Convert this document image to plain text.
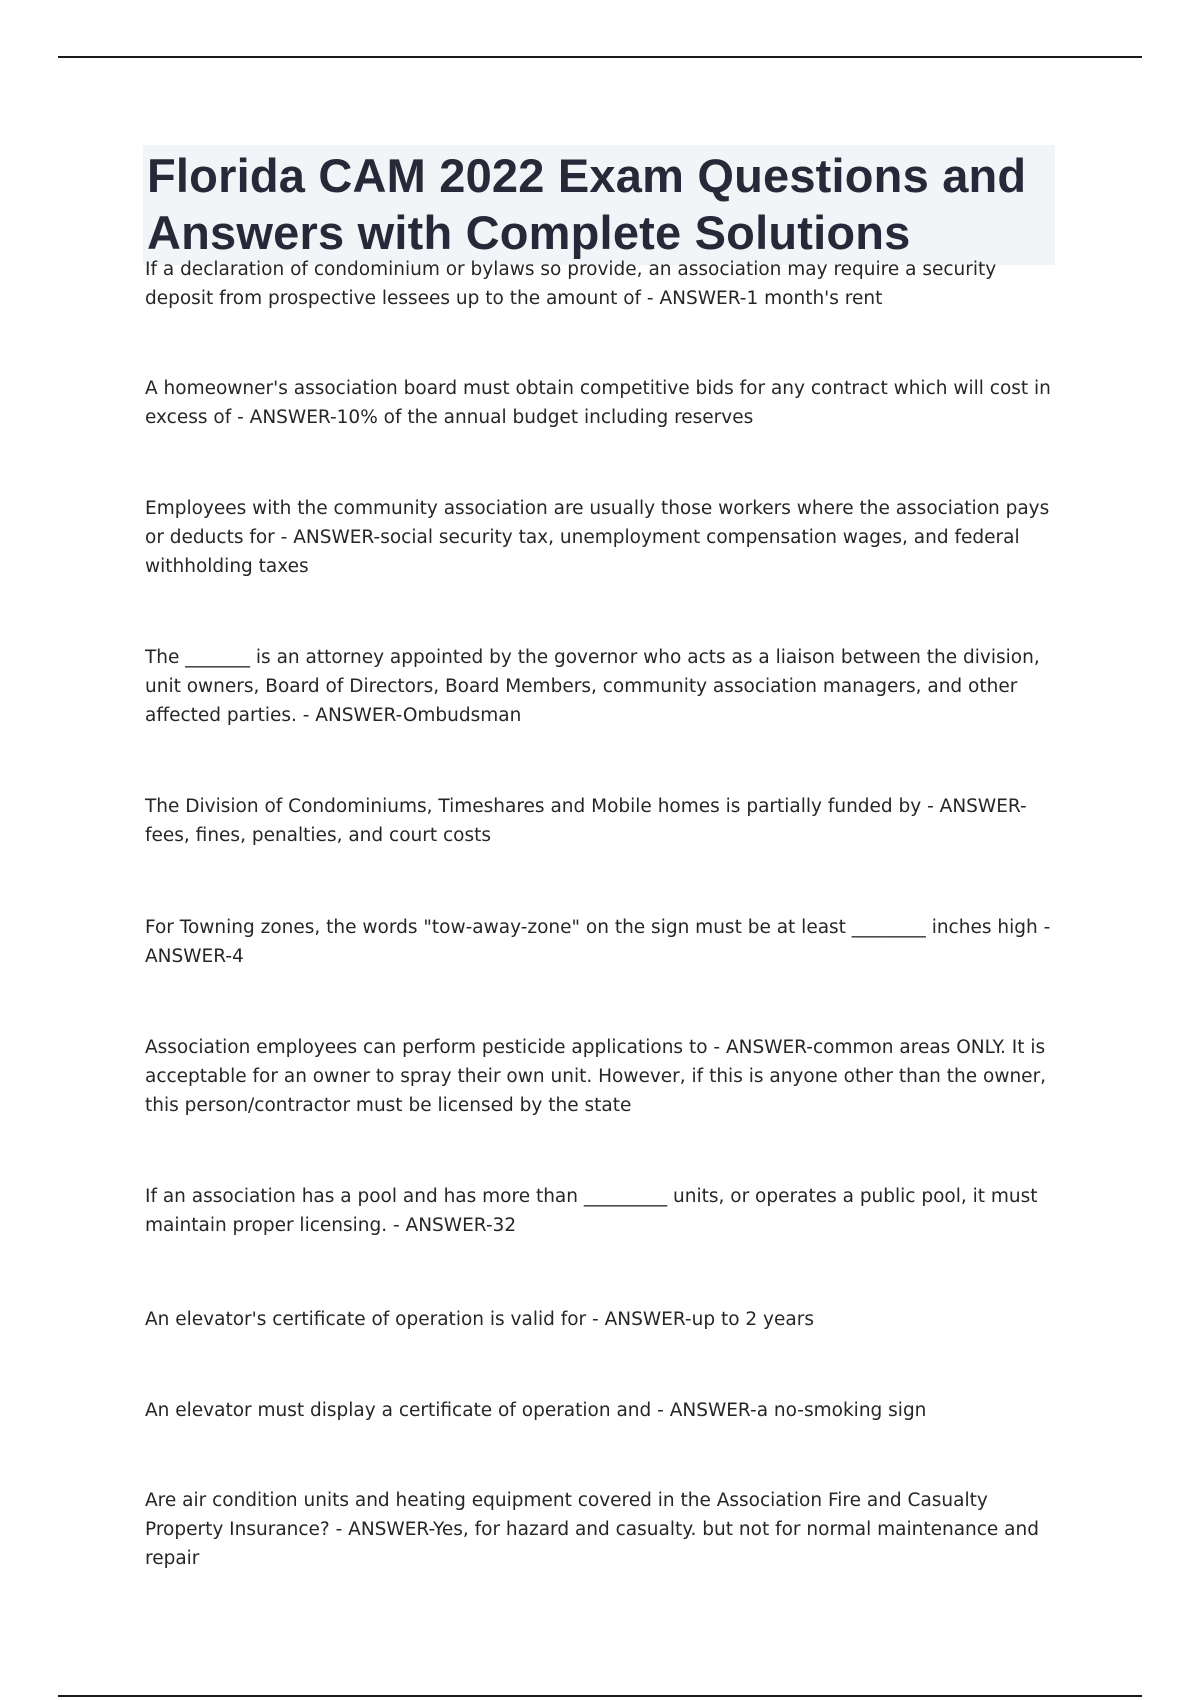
Florida CAM 2022 Exam Questions and Answers with Complete Solutions

If a declaration of condominium or bylaws so provide, an association may require a security deposit from prospective lessees up to the amount of - ANSWER-1 month's rent

A homeowner's association board must obtain competitive bids for any contract which will cost in excess of - ANSWER-10% of the annual budget including reserves

Employees with the community association are usually those workers where the association pays or deducts for - ANSWER-social security tax, unemployment compensation wages, and federal withholding taxes

The _______ is an attorney appointed by the governor who acts as a liaison between the division, unit owners, Board of Directors, Board Members, community association managers, and other affected parties. - ANSWER-Ombudsman

The Division of Condominiums, Timeshares and Mobile homes is partially funded by - ANSWER-fees, fines, penalties, and court costs

For Towning zones, the words "tow-away-zone" on the sign must be at least ________ inches high - ANSWER-4

Association employees can perform pesticide applications to - ANSWER-common areas ONLY. It is acceptable for an owner to spray their own unit. However, if this is anyone other than the owner, this person/contractor must be licensed by the state

If an association has a pool and has more than _________ units, or operates a public pool, it must maintain proper licensing. - ANSWER-32

An elevator's certificate of operation is valid for - ANSWER-up to 2 years

An elevator must display a certificate of operation and - ANSWER-a no-smoking sign

Are air condition units and heating equipment covered in the Association Fire and Casualty Property Insurance? - ANSWER-Yes, for hazard and casualty. but not for normal maintenance and repair
